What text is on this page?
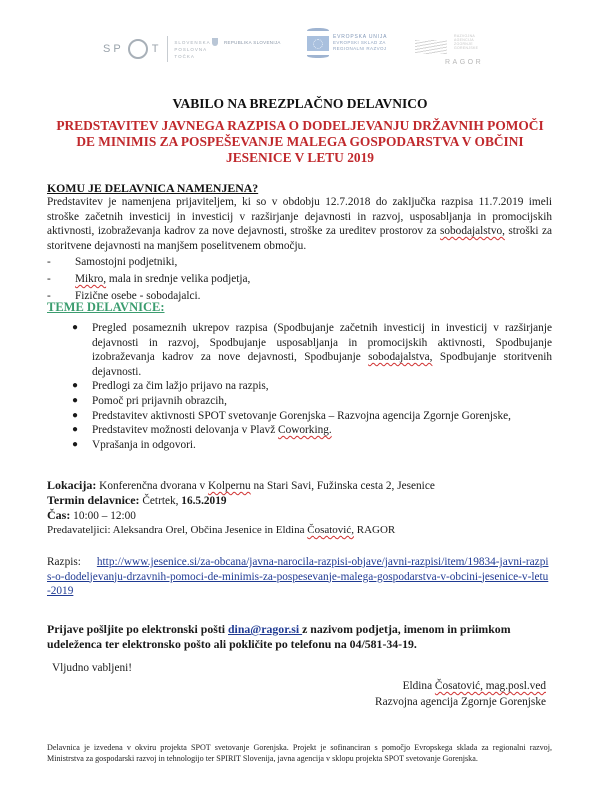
S P	T
SLOVENSKA
POSLOVNA
TOČKA
REPUBLIKA SLOVENIJA
EVROPSKA UNIJA
EVROPSKI SKLAD ZA
REGIONALNI RAZVOJ
RAZVOJNA AGENCIJA
ZGORNJE GORENJSKE
RAGOR
VABILO NA BREZPLAČNO DELAVNICO
PREDSTAVITEV JAVNEGA RAZPISA O DODELJEVANJU DRŽAVNIH POMOČI DE MINIMIS ZA POSPEŠEVANJE MALEGA GOSPODARSTVA V OBČINI JESENICE V LETU 2019
KOMU JE DELAVNICA NAMENJENA?
Predstavitev je namenjena prijaviteljem, ki so v obdobju 12.7.2018 do zaključka razpisa 11.7.2019 imeli stroške začetnih investicij in investicij v razširjanje dejavnosti in razvoj, usposabljanja in promocijskih aktivnosti, izobraževanja kadrov za nove dejavnosti, stroške za ureditev prostorov za sobodajalstvo, stroški za storitvene dejavnosti na manjšem poselitvenem območju.
-	Samostojni podjetniki,
-	Mikro, mala in srednje velika podjetja,
-	Fizične osebe - sobodajalci.
TEME DELAVNICE:
●	Pregled posameznih ukrepov razpisa (Spodbujanje začetnih investicij in investicij v razširjanje dejavnosti in razvoj, Spodbujanje usposabljanja in promocijskih aktivnosti, Spodbujanje izobraževanja kadrov za nove dejavnosti, Spodbujanje sobodajalstva, Spodbujanje storitvenih dejavnosti.
●	Predlogi za čim lažjo prijavo na razpis,
●	Pomoč pri prijavnih obrazcih,
●	Predstavitev aktivnosti SPOT svetovanje Gorenjska – Razvojna agencija Zgornje Gorenjske,
●	Predstavitev možnosti delovanja v Plavž Coworking.
●	Vprašanja in odgovori.
Lokacija: Konferenčna dvorana v Kolpernu na Stari Savi, Fužinska cesta 2, Jesenice
Termin delavnice: Četrtek, 16.5.2019
Čas: 10:00 – 12:00
Predavateljici: Aleksandra Orel, Občina Jesenice in Eldina Čosatović, RAGOR
Razpis: http://www.jesenice.si/za-obcana/javna-narocila-razpisi-objave/javni-razpisi/item/19834-javni-razpis-o-dodeljevanju-drzavnih-pomoci-de-minimis-za-pospesevanje-malega-gospodarstva-v-obcini-jesenice-v-letu-2019
Prijave pošljite po elektronski pošti dina@ragor.si z nazivom podjetja, imenom in priimkom udeleženca ter elektronsko pošto ali pokličite po telefonu na 04/581-34-19.
Vljudno vabljeni!
Eldina Čosatović, mag.posl.ved
Razvojna agencija Zgornje Gorenjske
Delavnica je izvedena v okviru projekta SPOT svetovanje Gorenjska. Projekt je sofinanciran s pomočjo Evropskega sklada za regionalni razvoj, Ministrstva za gospodarski razvoj in tehnologijo ter SPIRIT Slovenija, javna agencija v sklopu projekta SPOT svetovanje Gorenjska.
